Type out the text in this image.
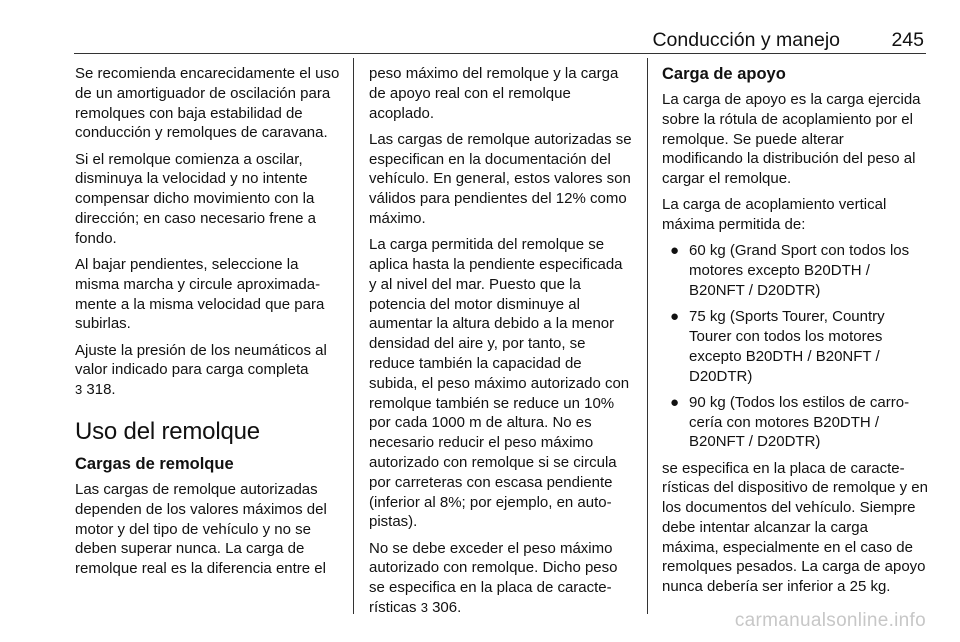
Conducción y manejo	245

Se recomienda encarecidamente el uso de un amortiguador de oscilación para remolques con baja estabilidad de conducción y remolques de caravana.

Si el remolque comienza a oscilar, disminuya la velocidad y no intente compensar dicho movimiento con la dirección; en caso necesario frene a fondo.

Al bajar pendientes, seleccione la misma marcha y circule aproximadamente a la misma velocidad que para subirlas.

Ajuste la presión de los neumáticos al valor indicado para carga completa
3 318.

Uso del remolque
Cargas de remolque

Las cargas de remolque autorizadas dependen de los valores máximos del motor y del tipo de vehículo y no se deben superar nunca. La carga de remolque real es la diferencia entre el

peso máximo del remolque y la carga de apoyo real con el remolque acoplado.

Las cargas de remolque autorizadas se especifican en la documentación del vehículo. En general, estos valores son válidos para pendientes del 12% como máximo.

La carga permitida del remolque se aplica hasta la pendiente especificada y al nivel del mar. Puesto que la potencia del motor disminuye al aumentar la altura debido a la menor densidad del aire y, por tanto, se reduce también la capacidad de subida, el peso máximo autorizado con remolque también se reduce un 10% por cada 1000 m de altura. No es necesario reducir el peso máximo autorizado con remolque si se circula por carreteras con escasa pendiente (inferior al 8%; por ejemplo, en autopistas).

No se debe exceder el peso máximo autorizado con remolque. Dicho peso se especifica en la placa de características 3 306.

Carga de apoyo

La carga de apoyo es la carga ejercida sobre la rótula de acoplamiento por el remolque. Se puede alterar modificando la distribución del peso al cargar el remolque.

La carga de acoplamiento vertical máxima permitida de:

● 60 kg (Grand Sport con todos los motores excepto B20DTH / B20NFT / D20DTR)
● 75 kg (Sports Tourer, Country Tourer con todos los motores excepto B20DTH / B20NFT / D20DTR)
● 90 kg (Todos los estilos de carrocería con motores B20DTH / B20NFT / D20DTR)

se especifica en la placa de características del dispositivo de remolque y en los documentos del vehículo. Siempre debe intentar alcanzar la carga máxima, especialmente en el caso de remolques pesados. La carga de apoyo nunca debería ser inferior a 25 kg.

carmanualsonline.info
